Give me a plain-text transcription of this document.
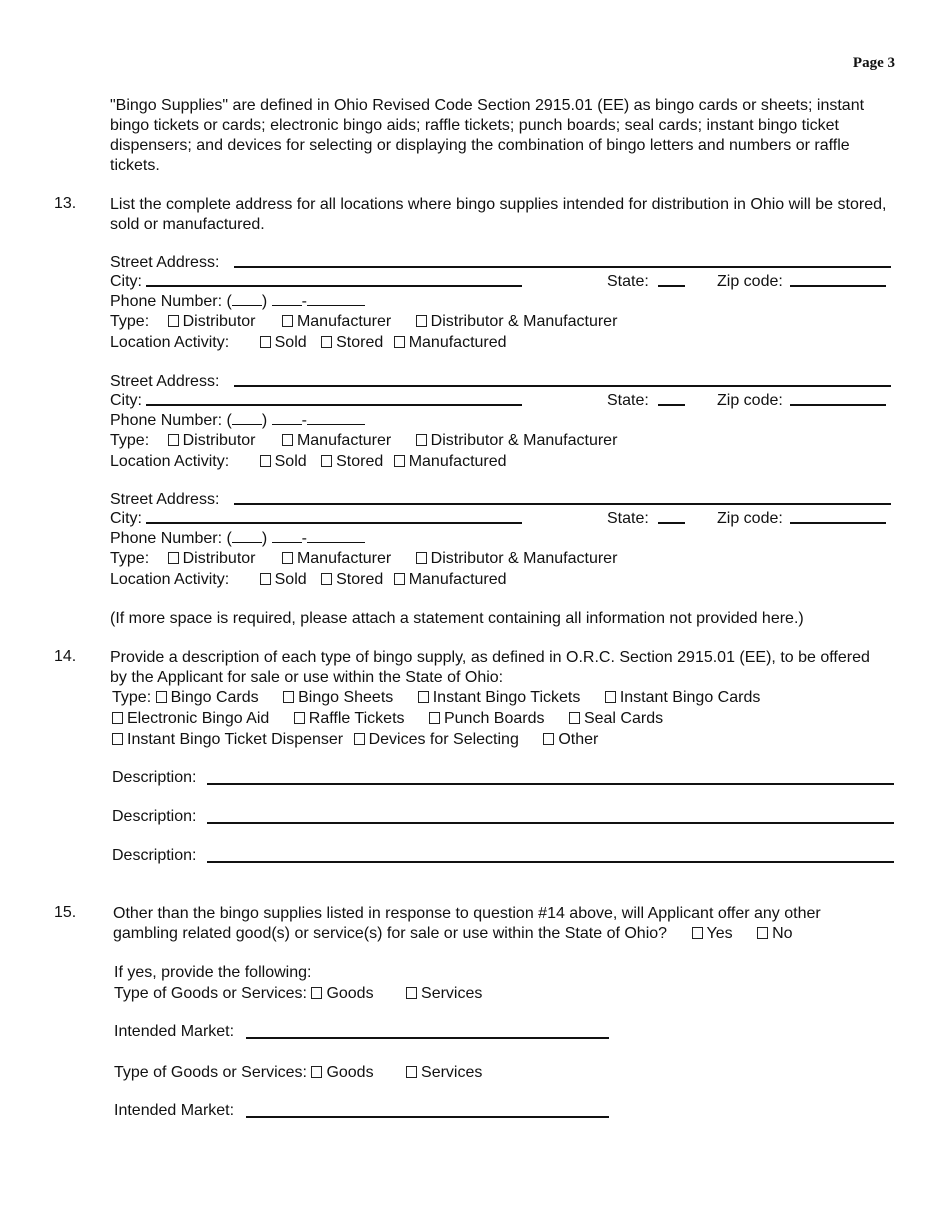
Page 3
"Bingo Supplies" are defined in Ohio Revised Code Section 2915.01 (EE) as bingo cards or sheets; instant bingo tickets or cards; electronic bingo aids; raffle tickets; punch boards; seal cards; instant bingo ticket dispensers; and devices for selecting or displaying the combination of bingo letters and numbers or raffle tickets.
13. List the complete address for all locations where bingo supplies intended for distribution in Ohio will be stored, sold or manufactured.
Street Address:
City:	State:	Zip code:
Phone Number: ( ) -
Type: Distributor	Manufacturer Distributor & Manufacturer
Location Activity:	Sold Stored Manufactured
Street Address:
City:	State:	Zip code:
Phone Number: ( ) -
Type: Distributor	Manufacturer Distributor & Manufacturer
Location Activity:	Sold Stored Manufactured
Street Address:
City:	State:	Zip code:
Phone Number: ( ) -
Type: Distributor	Manufacturer Distributor & Manufacturer
Location Activity:	Sold Stored Manufactured
(If more space is required, please attach a statement containing all information not provided here.)
14. Provide a description of each type of bingo supply, as defined in O.R.C. Section 2915.01 (EE), to be offered by the Applicant for sale or use within the State of Ohio:
Type: Bingo Cards Bingo Sheets Instant Bingo Tickets Instant Bingo Cards
Electronic Bingo Aid Raffle Tickets Punch Boards Seal Cards
Instant Bingo Ticket Dispenser Devices for Selecting Other
Description:
Description:
Description:
15. Other than the bingo supplies listed in response to question #14 above, will Applicant offer any other
gambling related good(s) or service(s) for sale or use within the State of Ohio? Yes No
If yes, provide the following:
Type of Goods or Services: Goods	Services
Intended Market:
Type of Goods or Services: Goods	Services
Intended Market:
